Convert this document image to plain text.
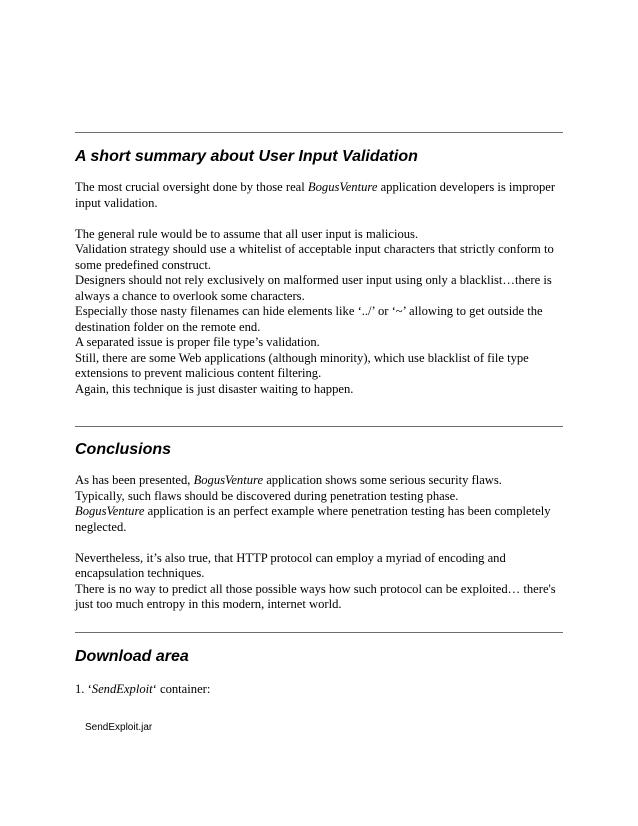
A short summary about User Input Validation

The most crucial oversight done by those real BogusVenture application developers is improper input validation.

The general rule would be to assume that all user input is malicious.

Validation strategy should use a whitelist of acceptable input characters that strictly conform to some predefined construct.

Designers should not rely exclusively on malformed user input using only a blacklist…there is always a chance to overlook some characters.

Especially those nasty filenames can hide elements like ‘../’ or ‘~’ allowing to get outside the destination folder on the remote end.

A separated issue is proper file type’s validation.

Still, there are some Web applications (although minority), which use blacklist of file type extensions to prevent malicious content filtering.

Again, this technique is just disaster waiting to happen.

Conclusions

As has been presented, BogusVenture application shows some serious security flaws.

Typically, such flaws should be discovered during penetration testing phase.

BogusVenture application is an perfect example where penetration testing has been completely neglected.

Nevertheless, it’s also true, that HTTP protocol can employ a myriad of encoding and encapsulation techniques.

There is no way to predict all those possible ways how such protocol can be exploited… there's just too much entropy in this modern, internet world.

Download area

1. ‘SendExploit‘ container:

SendExploit.jar
